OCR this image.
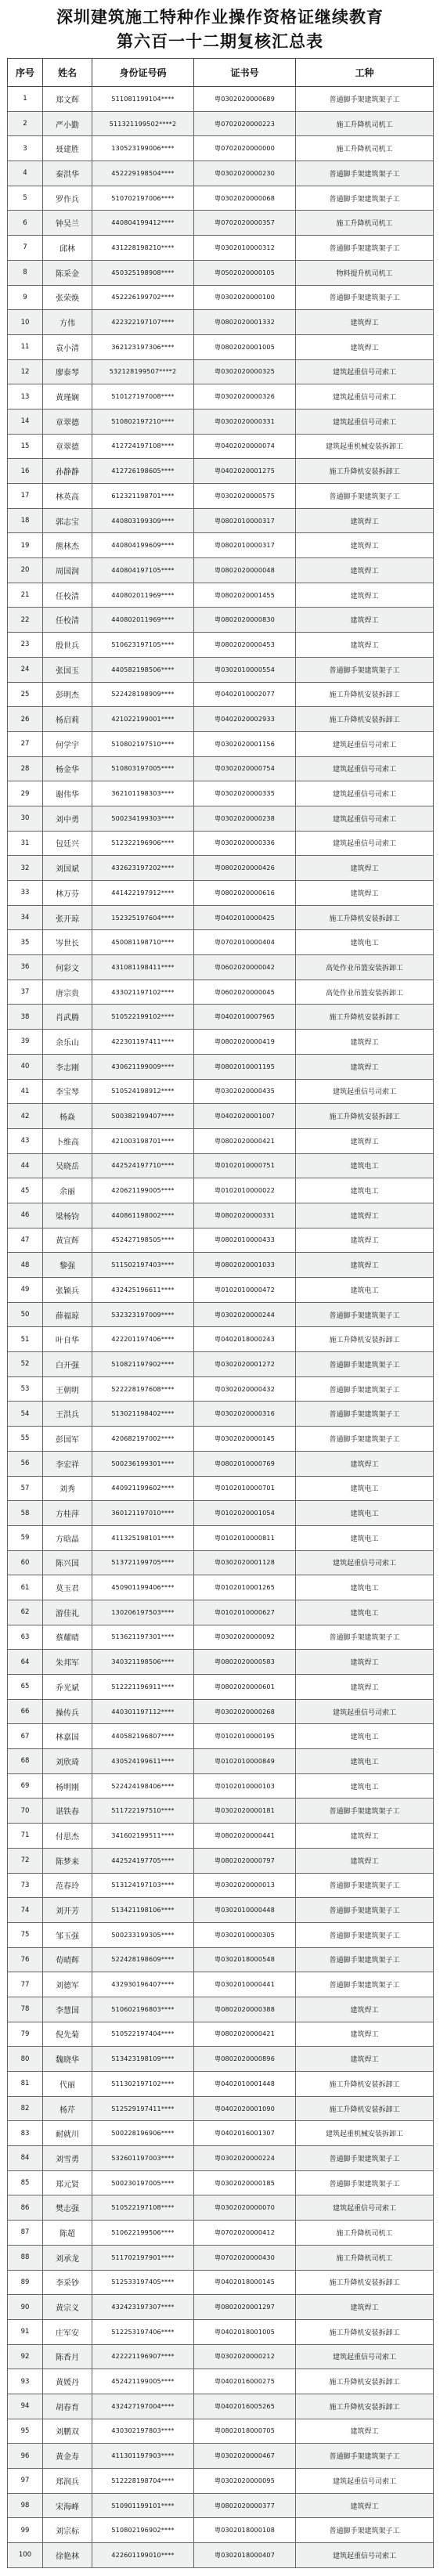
深圳建筑施工特种作业操作资格证继续教育
第六百一十二期复核汇总表
序号	姓名	身份证号码	证书号	工种
1	郑文辉	511081199104****	粤0302020000689	普通脚手架建筑架子工
2	严小勤	511321199502****2	粤0702020000223	施工升降机司机工
3	聂建胜	130523199006****	粤0702020000000	施工升降机司机工
4	秦洪华	452229198504****	粤0302020000230	普通脚手架建筑架子工
5	罗作兵	510702197006****	粤0302020000068	普通脚手架建筑架子工
6	钟吴兰	440804199412****	粤0702020000357	施工升降机司机工
7	邱林	431228198210****	粤0302010000312	普通脚手架建筑架子工
8	陈采金	450325198908****	粤0502020000105	物料提升机司机工
9	张荣焕	452226199702****	粤0302020000100	普通脚手架建筑架子工
10	方伟	422322197107****	粤0802020001332	建筑焊工
11	袁小清	362123197306****	粤0802020001005	建筑焊工
12	廖泰琴	532128199507****2	粤0302020000325	建筑起重信号司索工
13	黄瑾娴	510127197008****	粤0302020000326	建筑起重信号司索工
14	章翠德	510802197210****	粤0302020000331	建筑起重信号司索工
15	章翠德	412724197108****	粤0402020000074	建筑起重机械安装拆卸工
16	孙静静	412726198605****	粤0402020001275	施工升降机安装拆卸工
17	林英高	612321198701****	粤0302020000575	普通脚手架建筑架子工
18	郭志宝	440803199309****	粤0802010000317	建筑焊工
19	熊林杰	440804199609****	粤0802010000317	建筑焊工
20	周国润	440804197105****	粤0802020000048	建筑焊工
21	任校清	440802011969****	粤0802020001455	建筑焊工
22	任校清	440802011969****	粤0802020000830	建筑焊工
23	殷世兵	510623197105****	粤0802020000453	建筑焊工
24	张国玉	440582198506****	粤0302010000554	普通脚手架建筑架子工
25	彭明杰	522428198909****	粤0402010002077	施工升降机安装拆卸工
26	杨启莉	421022199001****	粤0402020002933	施工升降机安装拆卸工
27	何学宇	510802197510****	粤0302020001156	建筑起重信号司索工
28	杨金华	510803197005****	粤0302020000754	建筑起重信号司索工
29	谢伟华	362101198303****	粤0302020000335	建筑起重信号司索工
30	刘中勇	500234199303****	粤0302020000238	建筑起重信号司索工
31	包廷兴	512322196906****	粤0302020000336	建筑起重信号司索工
32	刘国斌	432623197202****	粤0802020000426	建筑焊工
33	林万芬	441422197912****	粤0802020000616	建筑焊工
34	张开琼	152325197604****	粤0402010000425	施工升降机安装拆卸工
35	岑世长	450081198710****	粤0702010000404	建筑电工
36	何彩文	431081198411****	粤0602020000042	高处作业吊篮安装拆卸工
37	唐宗贵	433021197102****	粤0602020000045	高处作业吊篮安装拆卸工
38	肖武腾	510522199102****	粤0402010007965	施工升降机安装拆卸工
39	余乐山	422301197411****	粤0802020000419	建筑焊工
40	李志刚	430621199009****	粤0802010001195	建筑焊工
41	李宝琴	510524198912****	粤0302020000435	建筑起重信号司索工
42	杨焱	500382199407****	粤0402020001007	施工升降机安装拆卸工
43	卜维高	421003198701****	粤0802020000421	建筑焊工
44	吴晓岳	442524197710****	粤0102010000751	建筑电工
45	余丽	420621199005****	粤0102010000022	建筑电工
46	梁杨钧	440861198002****	粤0802020000331	建筑焊工
47	黄宣辉	452427198505****	粤0802010000433	建筑焊工
48	黎强	511502197403****	粤0802020001033	建筑焊工
49	张颖兵	432425196611****	粤0102010000472	建筑电工
50	薛福琼	532323197009****	粤0302020000244	普通脚手架建筑架子工
51	叶自华	422201197406****	粤0402018000243	施工升降机安装拆卸工
52	白开强	510821197902****	粤0302020001272	普通脚手架建筑架子工
53	王朝明	522228197608****	粤0302020000432	普通脚手架建筑架子工
54	王洪兵	513021198402****	粤0302020000316	普通脚手架建筑架子工
55	彭国军	420682197002****	粤0302020000145	普通脚手架建筑架子工
56	李宏祥	500236199301****	粤0802010000769	建筑焊工
57	刘秀	440921199602****	粤0102010000701	建筑电工
58	方桂萍	360121197010****	粤0102020001054	建筑电工
59	方晗晶	411325198101****	粤0102010000811	建筑电工
60	陈兴国	513721199705****	粤0302020001128	建筑起重信号司索工
61	莫玉君	450901199406****	粤0102010001265	建筑电工
62	游佳礼	130206197503****	粤0102010000627	建筑电工
63	蔡耀晴	513621197301****	粤0302020000092	普通脚手架建筑架子工
64	朱邦军	340321198506****	粤0802020000583	建筑焊工
65	乔光斌	512221196911****	粤0802020000601	建筑焊工
66	操传兵	440301197112****	粤0302020000268	建筑起重信号司索工
67	林嘉国	440582196807****	粤0102010000195	建筑电工
68	刘欣琦	430524199611****	粤0102010000849	建筑电工
69	杨明刚	522424198406****	粤0102010000103	建筑电工
70	谌铁春	511722197510****	粤0302020000181	普通脚手架建筑架子工
71	付思杰	341602199511****	粤0802020000441	建筑焊工
72	陈梦来	442524197705****	粤0802020000797	建筑焊工
73	范春玲	513124197103****	粤0302020000013	普通脚手架建筑架子工
74	刘开芳	513421198106****	粤0302010000448	普通脚手架建筑架子工
75	邹玉强	500233199305****	粤0302010000305	普通脚手架建筑架子工
76	荀晴辉	522428198609****	粤0302018000548	普通脚手架建筑架子工
77	刘德军	432930196407****	粤0302010000441	普通脚手架建筑架子工
78	李慧国	510602196803****	粤0802020000388	建筑焊工
79	倪先菊	510522197404****	粤0802020000421	建筑焊工
80	魏晓华	513423198109****	粤0802020000896	建筑焊工
81	代丽	511302197102****	粤0402010001448	施工升降机安装拆卸工
82	杨芹	512529197411****	粤0402020001090	施工升降机安装拆卸工
83	耐就川	500228196906****	粤0402016001307	建筑起重机械安装拆卸工
84	刘雪勇	532601197003****	粤0302020000224	普通脚手架建筑架子工
85	郑元贤	500230197005****	粤0302020000185	普通脚手架建筑架子工
86	樊志强	510522197108****	粤0302020000070	建筑起重信号司索工
87	陈超	510622199506****	粤0702020000412	施工升降机司机工
88	刘承龙	511702197901****	粤0702020000430	施工升降机司机工
89	李采钞	512533197405****	粤0402018000145	施工升降机安装拆卸工
90	黄宗义	432423197307****	粤0802020001297	建筑焊工
91	庄军安	512253197406****	粤0402018001005	施工升降机安装拆卸工
92	陈香月	422221196907****	粤0302020000212	建筑起重信号司索工
93	黄媛丹	452421199005****	粤0402016000275	施工升降机安装拆卸工
94	胡春育	432427197004****	粤0402016005265	施工升降机安装拆卸工
95	刘鹏双	430302197803****	粤0802018000705	建筑焊工
96	黄金寿	411301197903****	粤0302020000467	普通脚手架建筑架子工
97	郑润兵	512228198704****	粤0302020000095	建筑起重信号司索工
98	宋海峰	510901199101****	粤0802020000377	建筑焊工
99	刘宗标	510802196902****	粤0302018000108	普通脚手架建筑架子工
100	徐艳林	422601199010****	粤0302018000407	建筑起重信号司索工
